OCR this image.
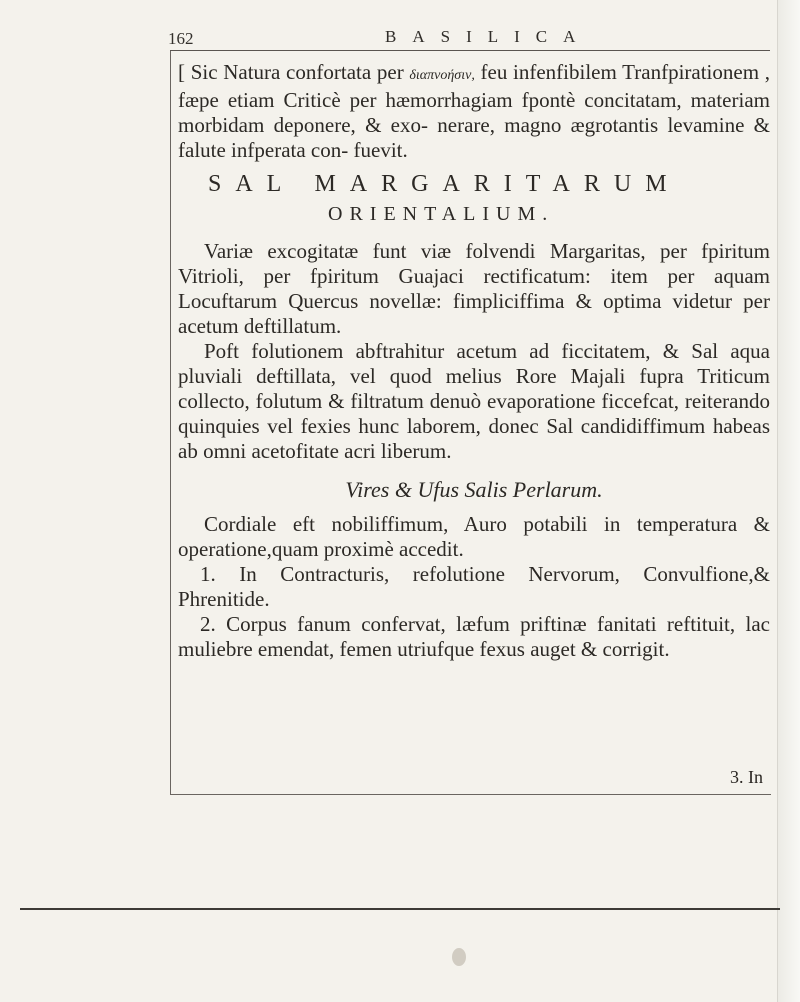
162	BASILICA

[ Sic Natura confortata per διαπνοήσιν, feu infenfibilem Tranfpirationem , fæpe etiam Criticè per hæmorrhagiam fpontè concitatam, materiam morbidam deponere, & exo- nerare, magno ægrotantis levamine & falute infperata con- fuevit.

SAL MARGARITARUM
ORIENTALIUM.

Variæ excogitatæ funt viæ folvendi Margaritas, per fpiritum Vitrioli, per fpiritum Guajaci rectificatum: item per aquam Locuftarum Quercus novellæ: fimpliciffima & optima videtur per acetum deftillatum.

Poft folutionem abftrahitur acetum ad ficcitatem, & Sal aqua pluviali deftillata, vel quod melius Rore Majali fupra Triticum collecto, folutum & filtratum denuò evaporatione ficcefcat, reiterando quinquies vel fexies hunc laborem, donec Sal candidiffimum habeas ab omni acetofitate acri liberum.

Vires & Ufus Salis Perlarum.

Cordiale eft nobiliffimum, Auro potabili in temperatura & operatione,quam proximè accedit.

1. In Contracturis, refolutione Nervorum, Convulfione,& Phrenitide.

2. Corpus fanum confervat, læfum priftinæ fanitati reftituit, lac muliebre emendat, femen utriufque fexus auget & corrigit.

3. In
